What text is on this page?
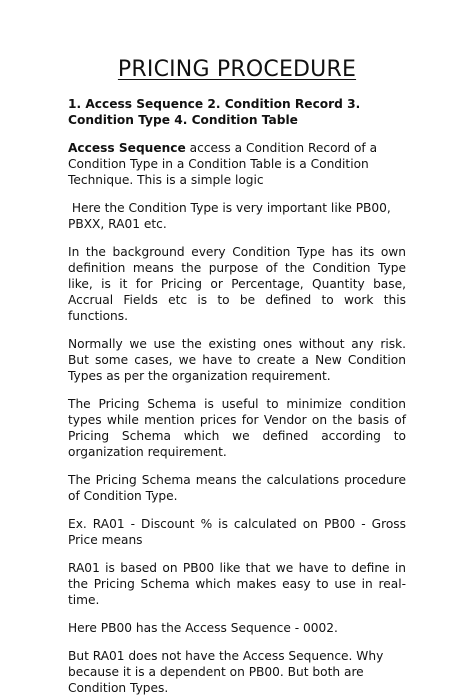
PRICING PROCEDURE

1. Access Sequence 2. Condition Record 3. Condition Type 4. Condition Table

Access Sequence access a Condition Record of a Condition Type in a Condition Table is a Condition Technique. This is a simple logic

Here the Condition Type is very important like PB00, PBXX, RA01 etc.

In the background every Condition Type has its own definition means the purpose of the Condition Type like, is it for Pricing or Percentage, Quantity base, Accrual Fields etc is to be defined to work this functions.

Normally we use the existing ones without any risk. But some cases, we have to create a New Condition Types as per the organization requirement.

The Pricing Schema is useful to minimize condition types while mention prices for Vendor on the basis of Pricing Schema which we defined according to organization requirement.

The Pricing Schema means the calculations procedure of Condition Type.

Ex. RA01 - Discount % is calculated on PB00 - Gross Price means

RA01 is based on PB00 like that we have to define in the Pricing Schema which makes easy to use in real-time.

Here PB00 has the Access Sequence - 0002.

But RA01 does not have the Access Sequence. Why because it is a dependent on PB00. But both are Condition Types.
